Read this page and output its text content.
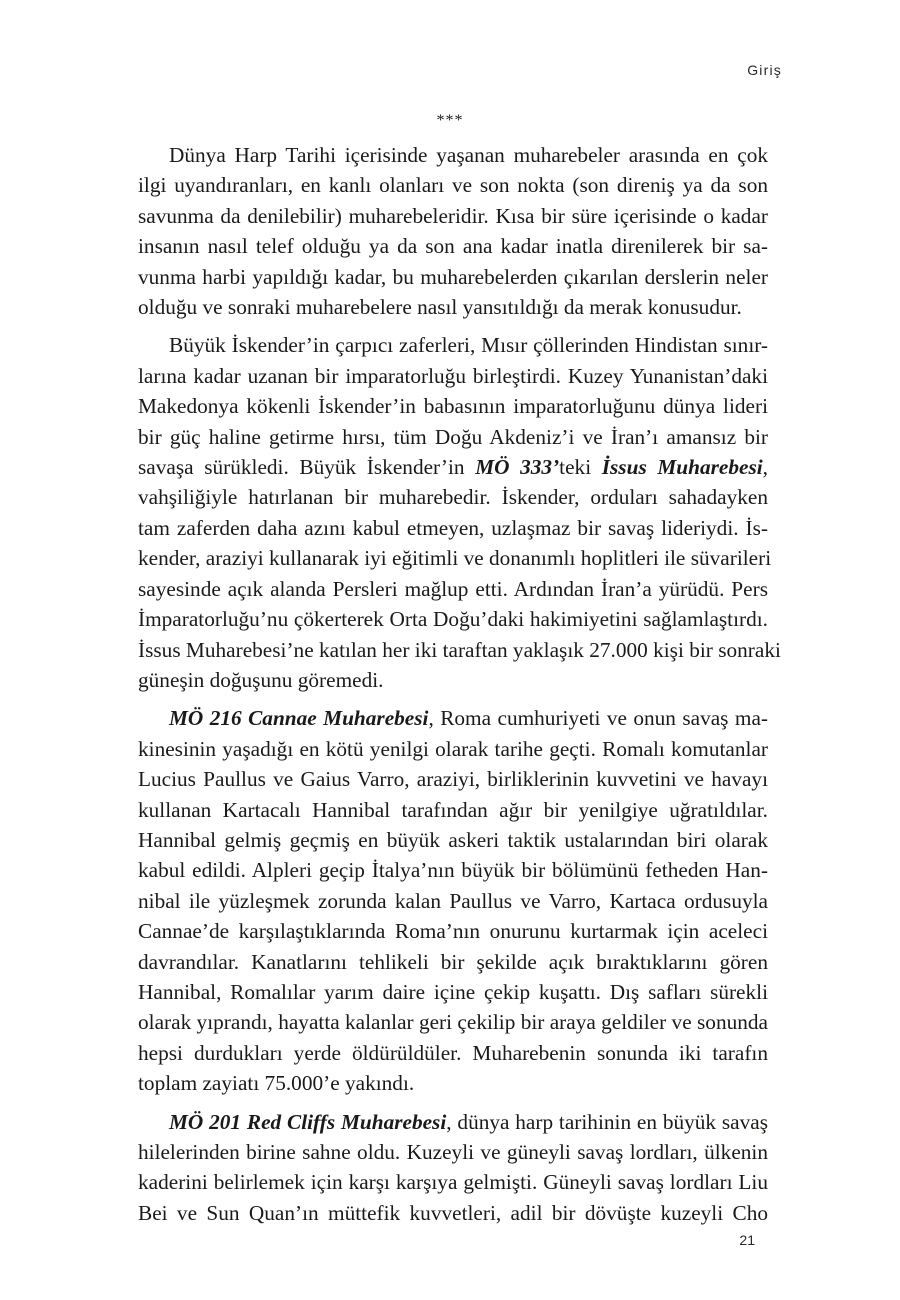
Giriş
***
Dünya Harp Tarihi içerisinde yaşanan muharebeler arasında en çok
ilgi uyandıranları, en kanlı olanları ve son nokta (son direniş ya da son
savunma da denilebilir) muharebeleridir. Kısa bir süre içerisinde o kadar
insanın nasıl telef olduğu ya da son ana kadar inatla direnilerek bir sa-
vunma harbi yapıldığı kadar, bu muharebelerden çıkarılan derslerin neler
olduğu ve sonraki muharebelere nasıl yansıtıldığı da merak konusudur.
Büyük İskender’in çarpıcı zaferleri, Mısır çöllerinden Hindistan sınır-
larına kadar uzanan bir imparatorluğu birleştirdi. Kuzey Yunanistan’daki
Makedonya kökenli İskender’in babasının imparatorluğunu dünya lideri
bir güç haline getirme hırsı, tüm Doğu Akdeniz’i ve İran’ı amansız bir
savaşa sürükledi. Büyük İskender’in MÖ 333’teki İssus Muharebesi,
vahşiliğiyle hatırlanan bir muharebedir. İskender, orduları sahadayken
tam zaferden daha azını kabul etmeyen, uzlaşmaz bir savaş lideriydi. İs-
kender, araziyi kullanarak iyi eğitimli ve donanımlı hoplitleri ile süvarileri
sayesinde açık alanda Persleri mağlup etti. Ardından İran’a yürüdü. Pers
İmparatorluğu’nu çökerterek Orta Doğu’daki hakimiyetini sağlamlaştırdı.
İssus Muharebesi’ne katılan her iki taraftan yaklaşık 27.000 kişi bir sonraki
güneşin doğuşunu göremedi.
MÖ 216 Cannae Muharebesi, Roma cumhuriyeti ve onun savaş ma-
kinesinin yaşadığı en kötü yenilgi olarak tarihe geçti. Romalı komutanlar
Lucius Paullus ve Gaius Varro, araziyi, birliklerinin kuvvetini ve havayı
kullanan Kartacalı Hannibal tarafından ağır bir yenilgiye uğratıldılar.
Hannibal gelmiş geçmiş en büyük askeri taktik ustalarından biri olarak
kabul edildi. Alpleri geçip İtalya’nın büyük bir bölümünü fetheden Han-
nibal ile yüzleşmek zorunda kalan Paullus ve Varro, Kartaca ordusuyla
Cannae’de karşılaştıklarında Roma’nın onurunu kurtarmak için aceleci
davrandılar. Kanatlarını tehlikeli bir şekilde açık bıraktıklarını gören
Hannibal, Romalılar yarım daire içine çekip kuşattı. Dış safları sürekli
olarak yıprandı, hayatta kalanlar geri çekilip bir araya geldiler ve sonunda
hepsi durdukları yerde öldürüldüler. Muharebenin sonunda iki tarafın
toplam zayiatı 75.000’e yakındı.
MÖ 201 Red Cliffs Muharebesi, dünya harp tarihinin en büyük savaş
hilelerinden birine sahne oldu. Kuzeyli ve güneyli savaş lordları, ülkenin
kaderini belirlemek için karşı karşıya gelmişti. Güneyli savaş lordları Liu
Bei ve Sun Quan’ın müttefik kuvvetleri, adil bir dövüşte kuzeyli Cho
21
